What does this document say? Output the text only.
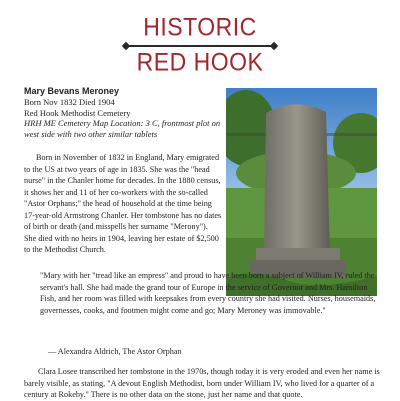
HISTORIC
RED HOOK
Mary Bevans Meroney
Born Nov 1832 Died 1904
Red Hook Methodist Cemetery
HRH ME Cemetery Map Location: 3 C, frontmost plot on west side with two other similar tablets

Born in November of 1832 in England, Mary emigrated to the US at two years of age in 1835. She was the "head nurse" in the Chanler home for decades. In the 1880 census, it shows her and 11 of her co-workers with the so-called "Astor Orphans;" the head of household at the time being 17-year-old Armstrong Chanler. Her tombstone has no dates of birth or death (and misspells her surname "Merony"). She died with no heirs in 1904, leaving her estate of $2,500 to the Methodist Church.

"Mary with her "tread like an empress" and proud to have been born a subject of William IV, ruled the servant's hall. She had made the grand tour of Europe in the service of Governor and Mrs. Hamilton Fish, and her room was filled with keepsakes from every country she had visited. Nurses, housemaids, governesses, cooks, and footmen might come and go; Mary Meroney was immovable."

— Alexandra Aldrich, The Astor Orphan

Clara Losee transcribed her tombstone in the 1970s, though today it is very eroded and even her name is barely visible, as stating, "A devout English Methodist, born under William IV, who lived for a quarter of a century at Rokeby." There is no other data on the stone, just her name and that quote.
